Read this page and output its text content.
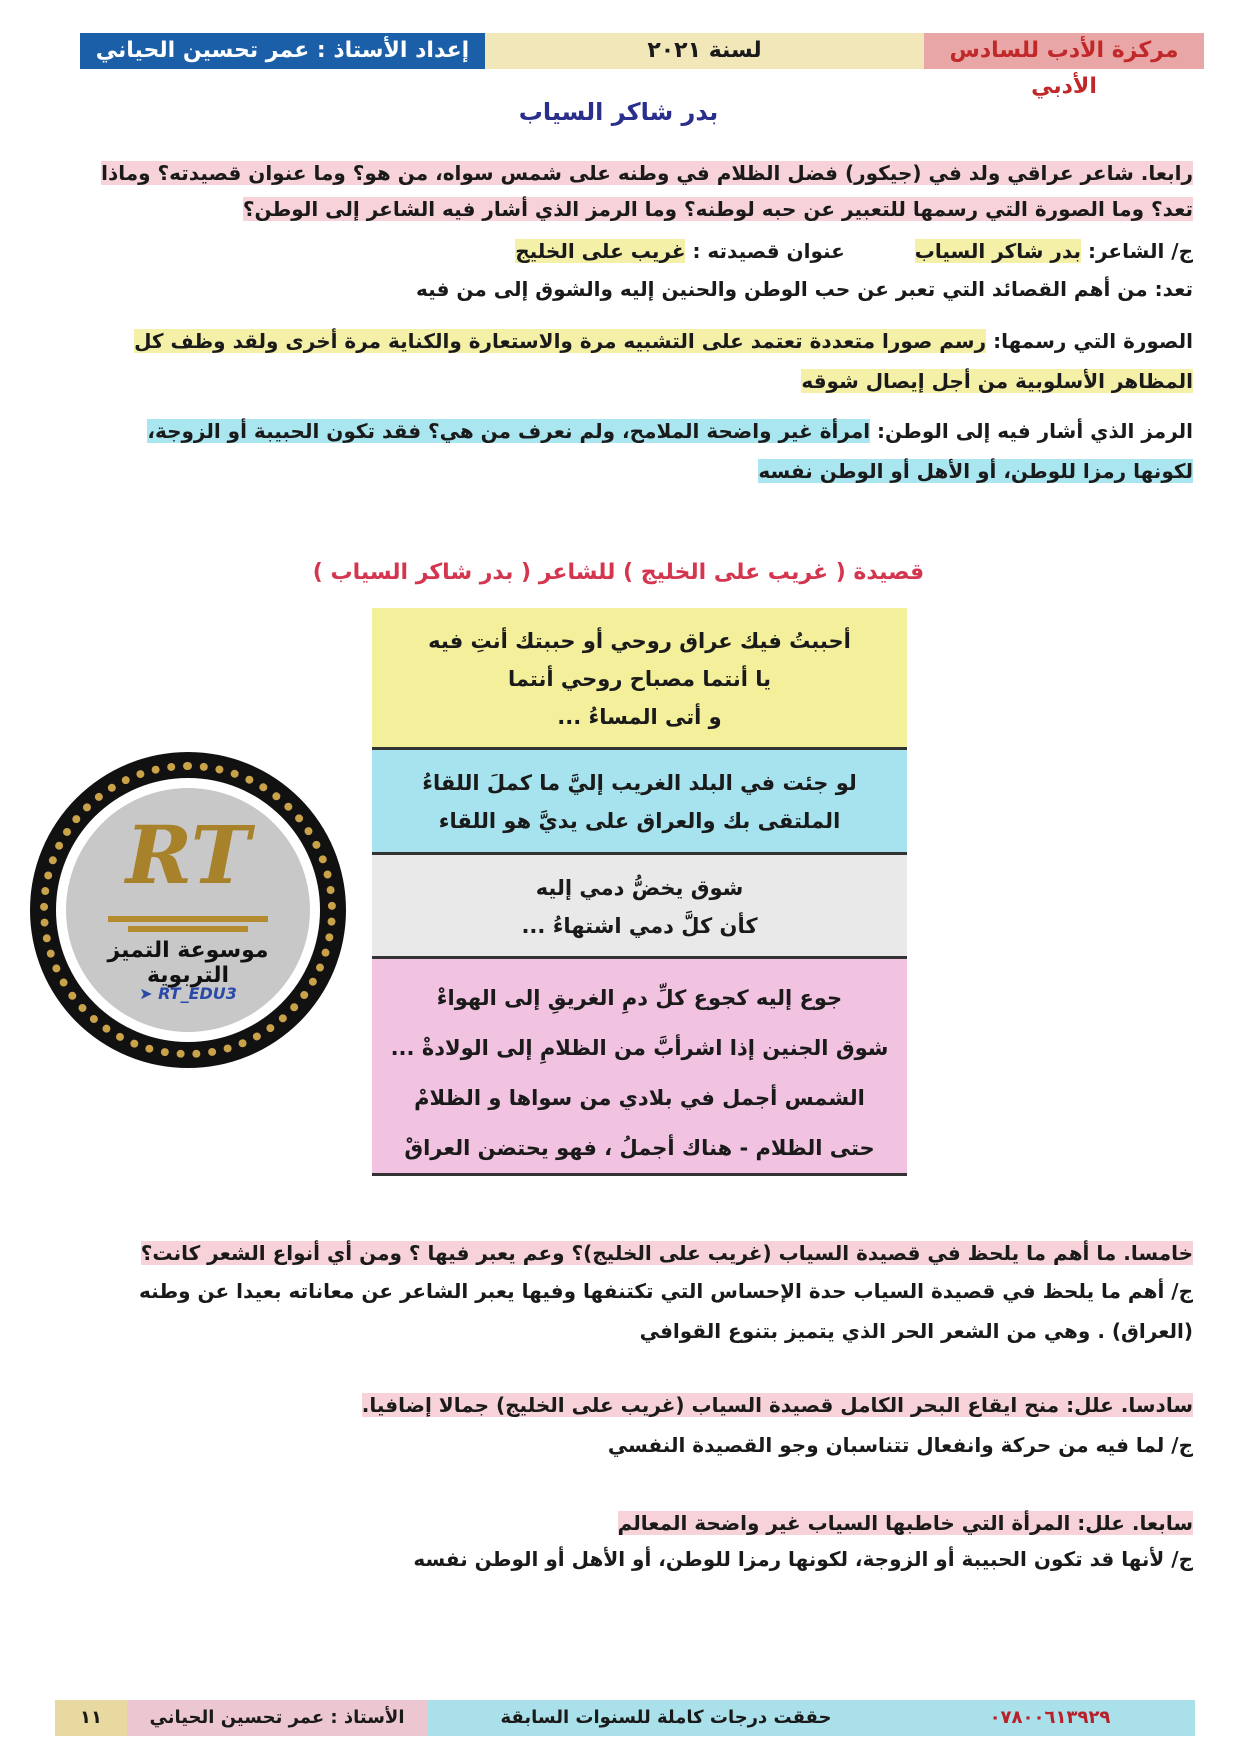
إعداد الأستاذ : عمر تحسين الحياني	لسنة ٢٠٢١	مركزة الأدب للسادس الأدبي
بدر شاكر السياب
رابعا. شاعر عراقي ولد في (جيكور) فضل الظلام في وطنه على شمس سواه، من هو؟ وما عنوان قصيدته؟ وماذا
تعد؟ وما الصورة التي رسمها للتعبير عن حبه لوطنه؟ وما الرمز الذي أشار فيه الشاعر إلى الوطن؟
ج/ الشاعر: بدر شاكر السياب  عنوان قصيدته : غريب على الخليج
تعد: من أهم القصائد التي تعبر عن حب الوطن والحنين إليه والشوق إلى من فيه
الصورة التي رسمها: رسم صورا متعددة تعتمد على التشبيه مرة والاستعارة والكناية مرة أخرى ولقد وظف كل
المظاهر الأسلوبية من أجل إيصال شوقه
الرمز الذي أشار فيه إلى الوطن: امرأة غير واضحة الملامح، ولم نعرف من هي؟ فقد تكون الحبيبة أو الزوجة،
لكونها رمزا للوطن، أو الأهل أو الوطن نفسه
قصيدة ( غريب على الخليج ) للشاعر ( بدر شاكر السياب )
أحببتُ فيك عراق روحي أو حببتك أنتِ فيه
يا أنتما مصباح روحي أنتما
و أتى المساءُ ...
لو جئت في البلد الغريب إليَّ ما كملَ اللقاءُ
الملتقى بك والعراق على يديَّ هو اللقاء
شوق يخضُّ دمي إليه
كأن كلَّ دمي اشتهاءُ ...
جوع إليه كجوع كلِّ دمِ الغريقِ إلى الهواءْ
شوق الجنين إذا اشرأبَّ من الظلامِ إلى الولادةْ ...
الشمس أجمل في بلادي من سواها و الظلامْ
حتى الظلام - هناك أجملُ ، فهو يحتضن العراقْ
RT
موسوعة التميز التربوية
➤ RT_EDU3
خامسا. ما أهم ما يلحظ في قصيدة السياب (غريب على الخليج)؟ وعم يعبر فيها ؟ ومن أي أنواع الشعر كانت؟
ج/ أهم ما يلحظ في قصيدة السياب حدة الإحساس التي تكتنفها وفيها يعبر الشاعر عن معاناته بعيدا عن وطنه
(العراق) . وهي من الشعر الحر الذي يتميز بتنوع القوافي
سادسا. علل: منح ايقاع البحر الكامل قصيدة السياب (غريب على الخليج) جمالا إضافيا.
ج/ لما فيه من حركة وانفعال تتناسبان وجو القصيدة النفسي
سابعا. علل: المرأة التي خاطبها السياب غير واضحة المعالم
ج/ لأنها قد تكون الحبيبة أو الزوجة، لكونها رمزا للوطن، أو الأهل أو الوطن نفسه
١١	الأستاذ : عمر تحسين الحياني	حققت درجات كاملة للسنوات السابقة	٠٧٨٠٠٦١٣٩٢٩
